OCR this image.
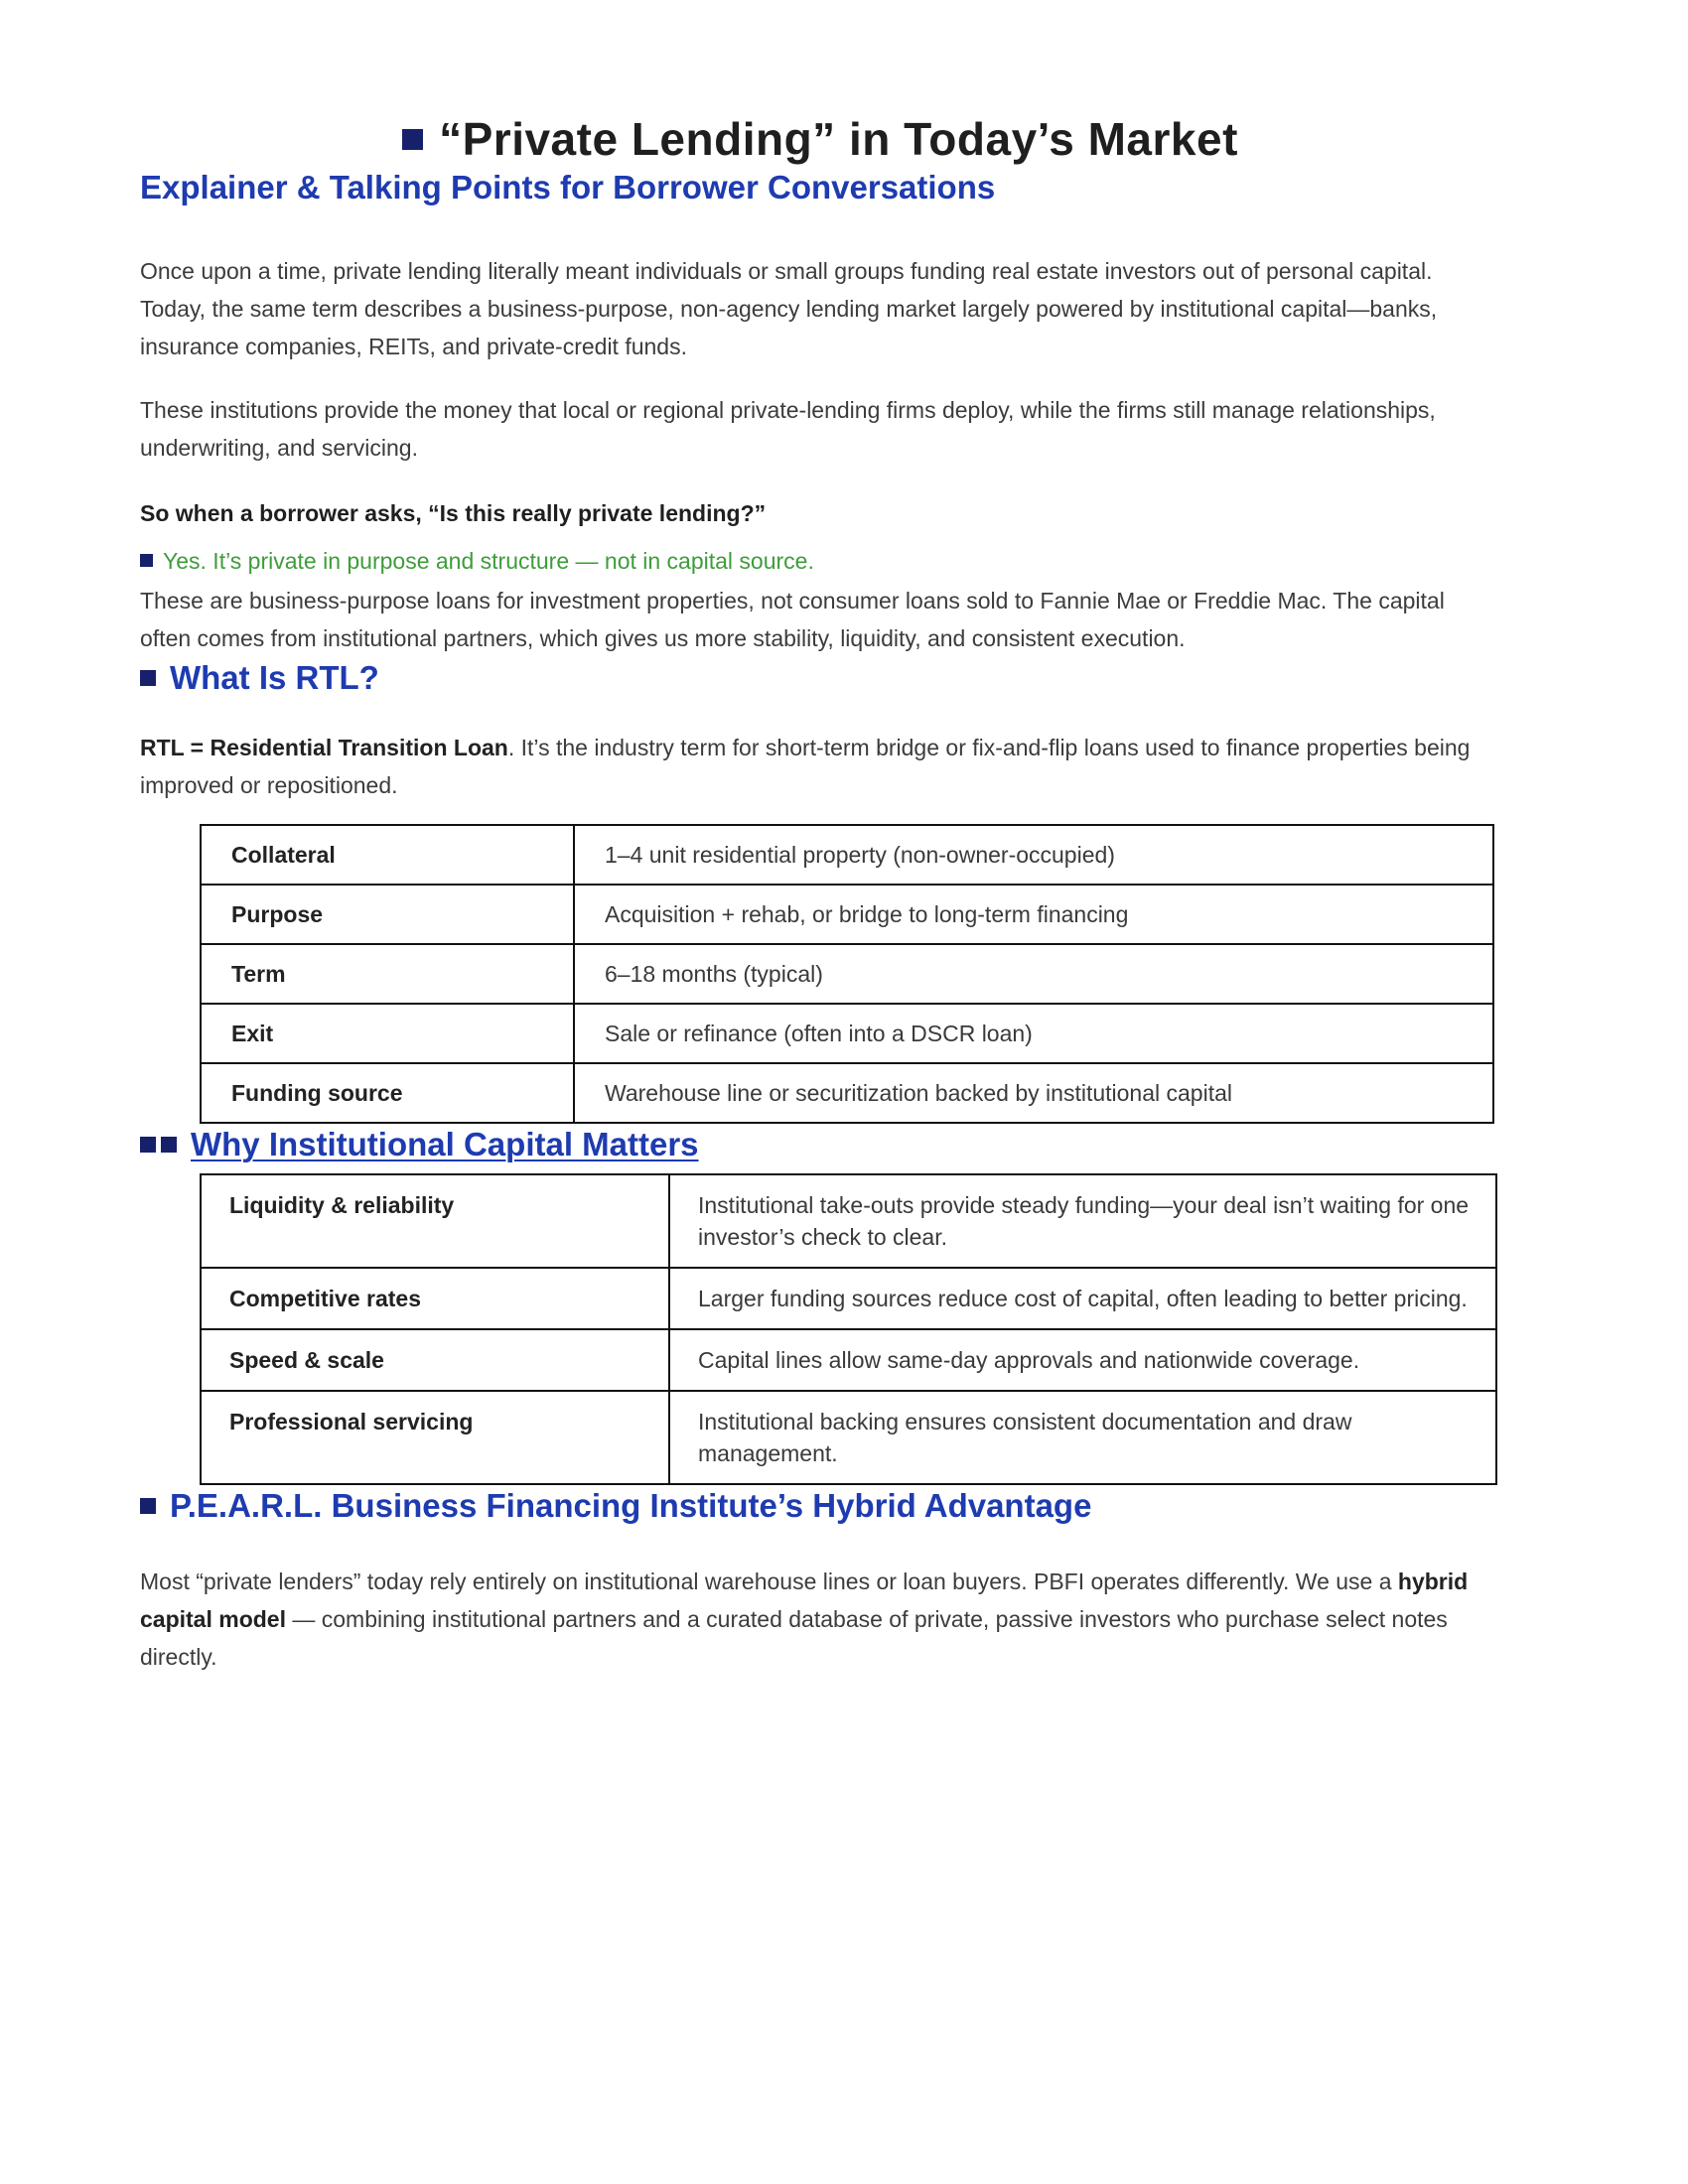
“Private Lending” in Today’s Market
Explainer & Talking Points for Borrower Conversations

Once upon a time, private lending literally meant individuals or small groups funding real estate investors out of personal capital. Today, the same term describes a business-purpose, non-agency lending market largely powered by institutional capital—banks, insurance companies, REITs, and private-credit funds.

These institutions provide the money that local or regional private-lending firms deploy, while the firms still manage relationships, underwriting, and servicing.

So when a borrower asks, “Is this really private lending?”

Yes. It’s private in purpose and structure — not in capital source.

These are business-purpose loans for investment properties, not consumer loans sold to Fannie Mae or Freddie Mac. The capital often comes from institutional partners, which gives us more stability, liquidity, and consistent execution.

What Is RTL?

RTL = Residential Transition Loan. It’s the industry term for short-term bridge or fix-and-flip loans used to finance properties being improved or repositioned.

Collateral	1–4 unit residential property (non-owner-occupied)
Purpose	Acquisition + rehab, or bridge to long-term financing
Term	6–18 months (typical)
Exit	Sale or refinance (often into a DSCR loan)
Funding source	Warehouse line or securitization backed by institutional capital
Why Institutional Capital Matters
Liquidity & reliability	Institutional take-outs provide steady funding—your deal isn’t waiting for one investor’s check to clear.
Competitive rates	Larger funding sources reduce cost of capital, often leading to better pricing.
Speed & scale	Capital lines allow same-day approvals and nationwide coverage.
Professional servicing	Institutional backing ensures consistent documentation and draw management.
P.E.A.R.L. Business Financing Institute’s Hybrid Advantage

Most “private lenders” today rely entirely on institutional warehouse lines or loan buyers. PBFI operates differently. We use a hybrid capital model — combining institutional partners and a curated database of private, passive investors who purchase select notes directly.
